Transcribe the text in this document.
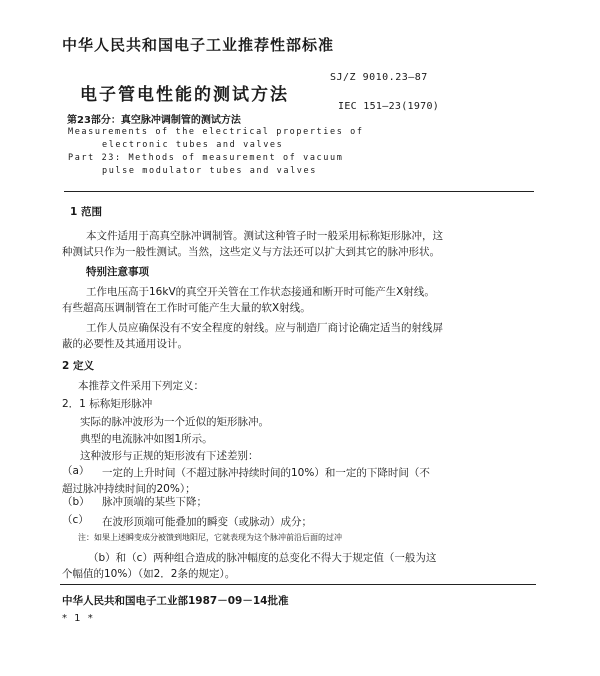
中华人民共和国电子工业推荐性部标准
电子管电性能的测试方法
SJ/Z 9010.23—87
IEC 151—23(1970)
第23部分：真空脉冲调制管的测试方法
Measurements of the electrical properties of
electronic tubes and valves
Part 23: Methods of measurement of vacuum
pulse modulator tubes and valves
1 范围
本文件适用于高真空脉冲调制管。测试这种管子时一般采用标称矩形脉冲，这
种测试只作为一般性测试。当然，这些定义与方法还可以扩大到其它的脉冲形状。
特别注意事项
工作电压高于16kV的真空开关管在工作状态接通和断开时可能产生X射线。
有些超高压调制管在工作时可能产生大量的软X射线。
工作人员应确保没有不安全程度的射线。应与制造厂商讨论确定适当的射线屏
蔽的必要性及其通用设计。
2 定义
本推荐文件采用下列定义：
2．1 标称矩形脉冲
实际的脉冲波形为一个近似的矩形脉冲。
典型的电流脉冲如图1所示。
这种波形与正规的矩形波有下述差别：
（a） 一定的上升时间（不超过脉冲持续时间的10%）和一定的下降时间（不
超过脉冲持续时间的20%）；
（b） 脉冲顶端的某些下降；
（c） 在波形顶端可能叠加的瞬变（或脉动）成分；
注：如果上述瞬变成分被馈到地阳尼，它就表现为这个脉冲前沿后面的过冲
（b）和（c）两种组合造成的脉冲幅度的总变化不得大于规定值（一般为这
个幅值的10%）（如2．2条的规定）。
中华人民共和国电子工业部1987－09－14批准
* 1 *
